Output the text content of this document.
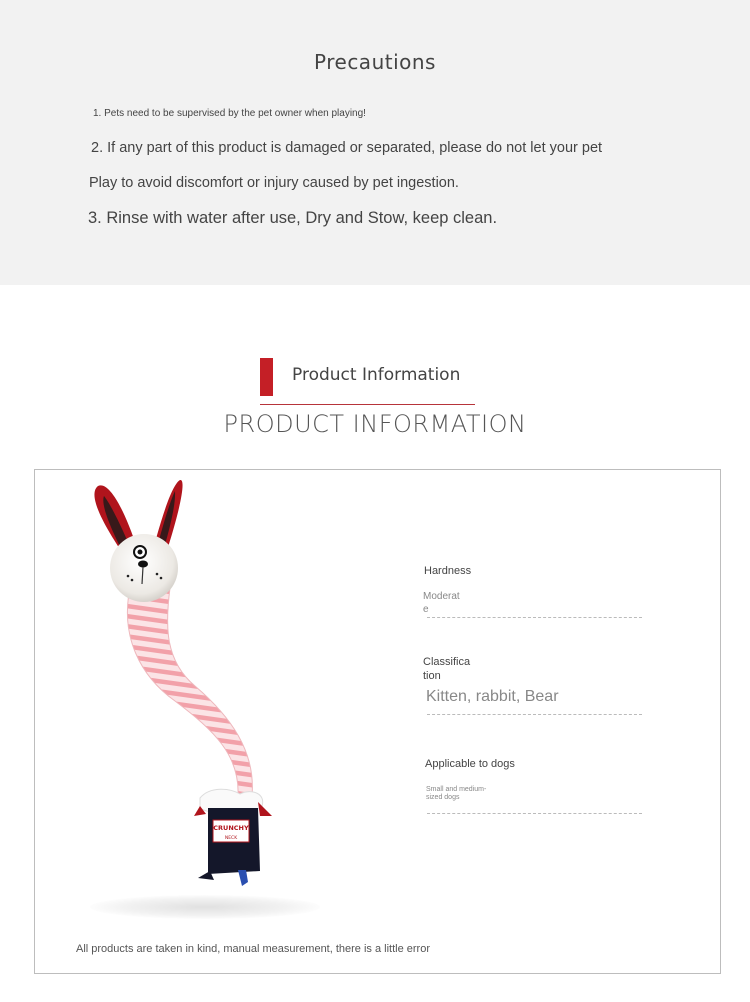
Precautions
1. Pets need to be supervised by the pet owner when playing!
2. If any part of this product is damaged or separated, please do not let your pet
Play to avoid discomfort or injury caused by pet ingestion.
3. Rinse with water after use, Dry and Stow, keep clean.
Product Information
PRODUCT INFORMATION
CRUNCHY
NECK
Hardness
Moderat
e
Classifica
tion
Kitten, rabbit, Bear
Applicable to dogs
Small and medium-
sized dogs
All products are taken in kind, manual measurement, there is a little error
